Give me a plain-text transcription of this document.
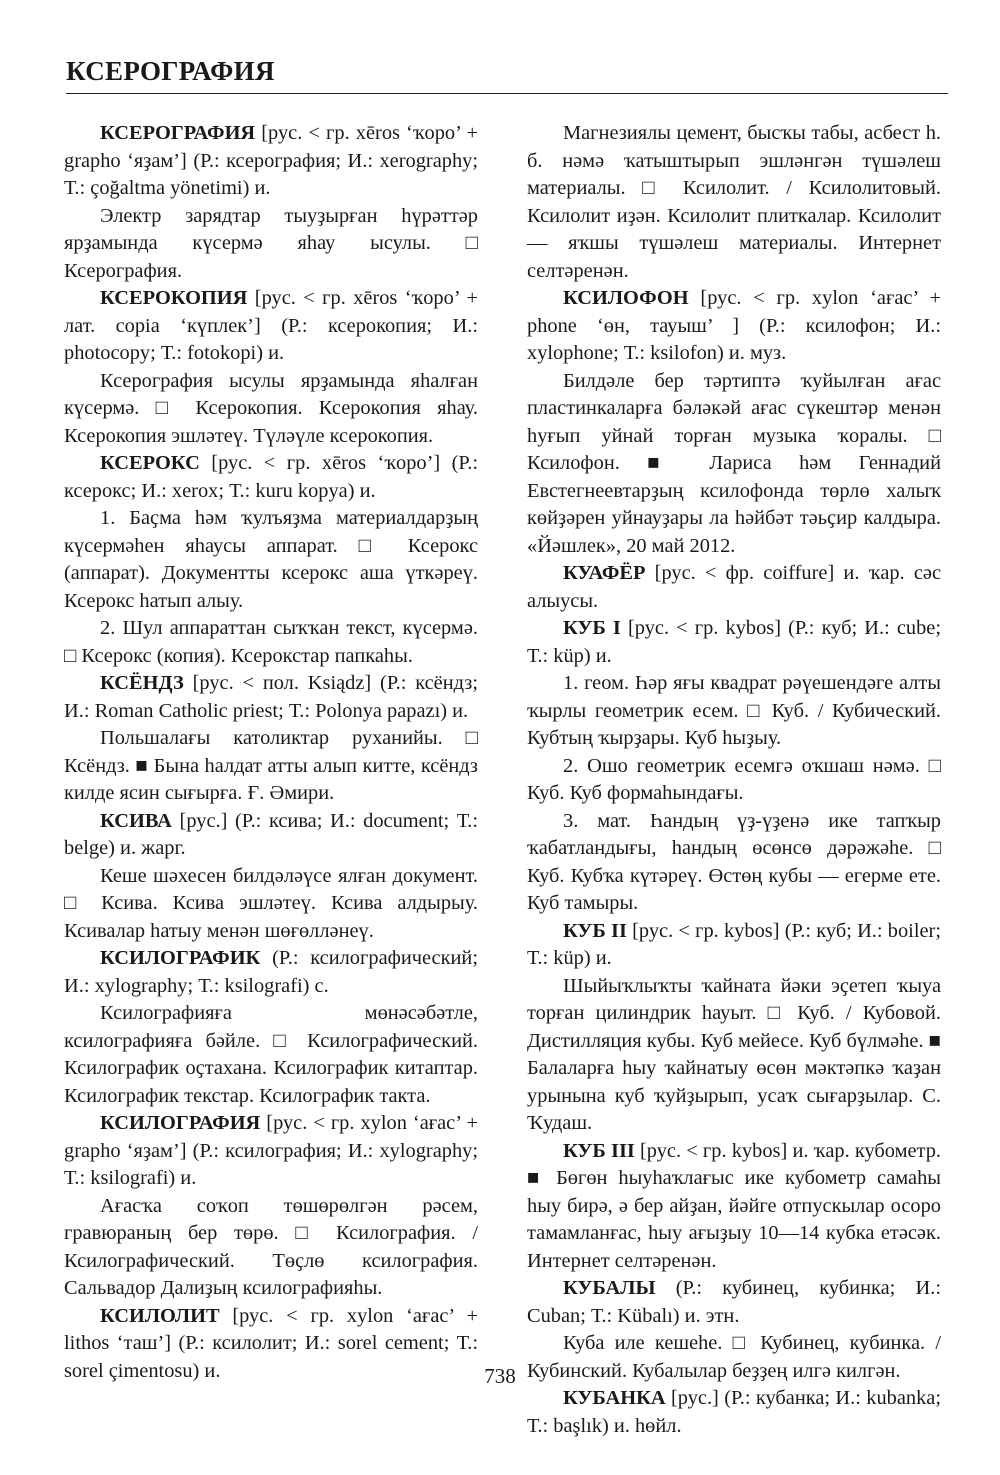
КСЕРОГРАФИЯ

КСЕРОГРАФИЯ [рус. < гр. xēros ‘ҡоро’ + grapho ‘яҙам’] (Р.: ксерография; И.: xerography; Т.: çoğaltma yönetimi) и.

Электр зарядтар тыуҙырған һүрәттәр ярҙамында күсермә яһау ысулы. □ Ксерография.

КСЕРОКОПИЯ [рус. < гр. xēros ‘ҡоро’ + лат. copia ‘күплек’] (Р.: ксерокопия; И.: photocopy; Т.: fotokopi) и.

Ксерография ысулы ярҙамында яһалған күсермә. □ Ксерокопия. Ксерокопия яһау. Ксерокопия эшләтеү. Түләүле ксерокопия.

КСЕРОКС [рус. < гр. xēros ‘ҡоро’] (Р.: ксерокс; И.: xerox; Т.: kuru kopya) и.

1. Баҫма һәм ҡулъяҙма материалдарҙың күсермәһен яһаусы аппарат. □ Ксерокс (аппарат). Документты ксерокс аша үткәреү. Ксерокс һатып алыу.

2. Шул аппараттан сыҡҡан текст, күсермә. □ Ксерокс (копия). Ксерокстар папкаһы.

КСЁНДЗ [рус. < пол. Ksiądz] (Р.: ксёндз; И.: Roman Catholic priest; Т.: Polonya papazı) и.

Польшалағы католиктар руханийы. □ Ксёндз. ■ Бына һалдат атты алып китте, ксёндз килде ясин сығырға. Ғ. Әмири.

КСИВА [рус.] (Р.: ксива; И.: document; Т.: belge) и. жарг.

Кеше шәхесен билдәләүсе ялған документ. □ Ксива. Ксива эшләтеү. Ксива алдырыу. Ксивалар һатыу менән шөғөлләнеү.

КСИЛОГРАФИК (Р.: ксилографический; И.: xylography; Т.: ksilografi) с.

Ксилографияға мөнәсәбәтле, ксилографияға бәйле. □ Ксилографический. Ксилографик оҫтахана. Ксилографик китаптар. Ксилографик текстар. Ксилографик такта.

КСИЛОГРАФИЯ [рус. < гр. xylon ‘ағас’ + grapho ‘яҙам’] (Р.: ксилография; И.: xylography; Т.: ksilografi) и.

Ағасҡа соҡоп төшөрөлгән рәсем, гравюраның бер төрө. □ Ксилография. / Ксилографический. Төҫлө ксилография. Сальвадор Далиҙың ксилографияһы.

КСИЛОЛИТ [рус. < гр. xylon ‘ағас’ + lithos ‘таш’] (Р.: ксилолит; И.: sorel cement; Т.: sorel çimentosu) и.

Магнезиялы цемент, бысҡы табы, асбест һ. б. нәмә ҡатыштырып эшләнгән түшәлеш материалы. □ Ксилолит. / Ксилолитовый. Ксилолит иҙән. Ксилолит плиткалар. Ксилолит — яҡшы түшәлеш материалы. Интернет селтәренән.

КСИЛОФОН [рус. < гр. xylon ‘ағас’ + phone ‘өн, тауыш’ ] (Р.: ксилофон; И.: xylophone; Т.: ksilofon) и. муз.

Билдәле бер тәртиптә ҡуйылған ағас пластинкаларға бәләкәй ағас сүкештәр менән һуғып уйнай торған музыка ҡоралы. □ Ксилофон. ■ Лариса һәм Геннадий Евстегнеевтарҙың ксилофонда төрлө халыҡ көйҙәрен уйнауҙары ла һәйбәт тәьҫир калдыра. «Йәшлек», 20 май 2012.

КУАФЁР [рус. < фр. coiffure] и. ҡар. сәс алыусы.

КУБ I [рус. < гр. kybos] (Р.: куб; И.: cube; Т.: küp) и.

1. геом. Һәр яғы квадрат рәүешендәге алты ҡырлы геометрик есем. □ Куб. / Кубический. Кубтың ҡырҙары. Куб һыҙыу.

2. Ошо геометрик есемгә оҡшаш нәмә. □ Куб. Куб формаһындағы.

3. мат. Һандың үҙ-үҙенә ике тапҡыр ҡабатландығы, һандың өсөнсө дәрәжәһе. □ Куб. Кубҡа күтәреү. Өстөң кубы — егерме ете. Куб тамыры.

КУБ II [рус. < гр. kybos] (Р.: куб; И.: boiler; Т.: küp) и.

Шыйыҡлыҡты ҡайната йәки эҫетеп ҡыуа торған цилиндрик һауыт. □ Куб. / Кубовой. Дистилляция кубы. Куб мейесе. Куб бүлмәһе. ■ Балаларға һыу ҡайнатыу өсөн мәктәпкә ҡаҙан урынына куб ҡуйҙырып, усаҡ сығарҙылар. С. Ҡудаш.

КУБ III [рус. < гр. kybos] и. ҡар. кубометр. ■ Бөгөн һыуһаҡлағыс ике кубометр самаһы һыу бирә, ә бер айҙан, йәйге отпускылар осоро тамамланғас, һыу ағыҙыу 10—14 кубка етәсәк. Интернет селтәренән.

КУБАЛЫ (Р.: кубинец, кубинка; И.: Cuban; Т.: Kübalı) и. этн.

Куба иле кешеһе. □ Кубинец, кубинка. / Кубинский. Кубалылар беҙҙең илгә килгән.

КУБАНКА [рус.] (Р.: кубанка; И.: kubanka; Т.: başlık) и. һөйл.

738
